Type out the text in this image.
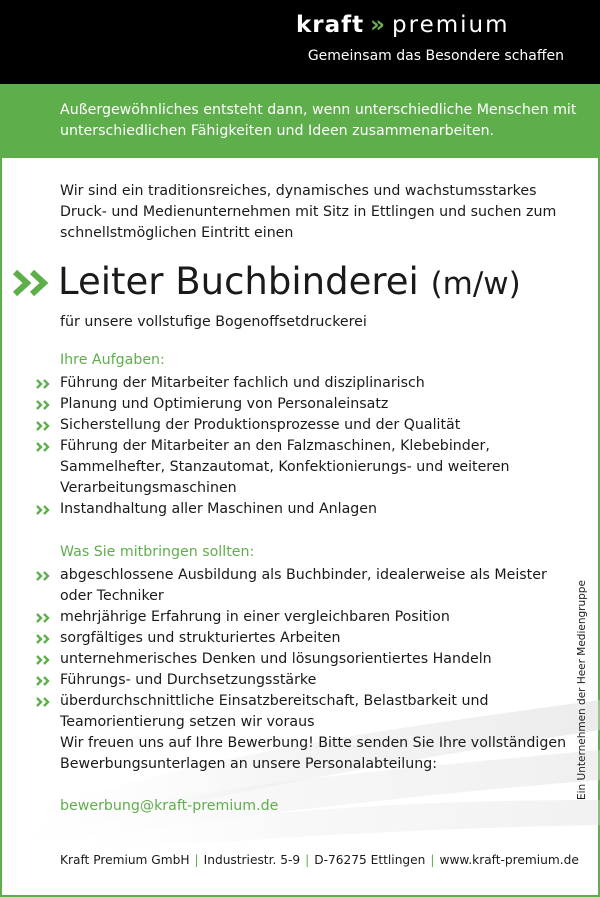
kraft » premium
Gemeinsam das Besondere schaffen
Außergewöhnliches entsteht dann, wenn unterschiedliche Menschen mit unterschiedlichen Fähigkeiten und Ideen zusammenarbeiten.
Wir sind ein traditionsreiches, dynamisches und wachstumsstarkes Druck- und Medienunternehmen mit Sitz in Ettlingen und suchen zum schnellstmöglichen Eintritt einen
Leiter Buchbinderei (m/w)
für unsere vollstufige Bogenoffsetdruckerei
Ihre Aufgaben:
Führung der Mitarbeiter fachlich und disziplinarisch
Planung und Optimierung von Personaleinsatz
Sicherstellung der Produktionsprozesse und der Qualität
Führung der Mitarbeiter an den Falzmaschinen, Klebebinder, Sammelhefter, Stanzautomat, Konfektionierungs- und weiteren Verarbeitungsmaschinen
Instandhaltung aller Maschinen und Anlagen
Was Sie mitbringen sollten:
abgeschlossene Ausbildung als Buchbinder, idealerweise als Meister oder Techniker
mehrjährige Erfahrung in einer vergleichbaren Position
sorgfältiges und strukturiertes Arbeiten
unternehmerisches Denken und lösungsorientiertes Handeln
Führungs- und Durchsetzungsstärke
überdurchschnittliche Einsatzbereitschaft, Belastbarkeit und Teamorientierung setzen wir voraus
Wir freuen uns auf Ihre Bewerbung! Bitte senden Sie Ihre vollständigen Bewerbungsunterlagen an unsere Personalabteilung:
bewerbung@kraft-premium.de
Kraft Premium GmbH | Industriestr. 5-9 | D-76275 Ettlingen | www.kraft-premium.de
Ein Unternehmen der Heer Mediengruppe
